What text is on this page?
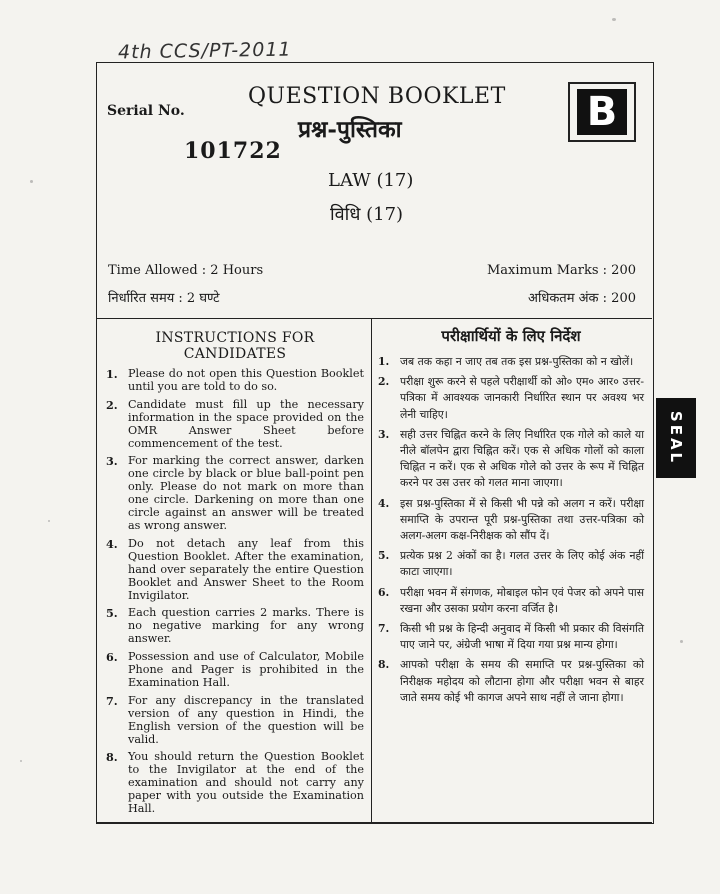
4th CCS/PT-2011
Serial No.
101722
QUESTION BOOKLET
प्रश्न-पुस्तिका	B
LAW (17)
विधि (17)
Time Allowed : 2 Hours
निर्धारित समय : 2 घण्टे
Maximum Marks : 200
अधिकतम अंक : 200
INSTRUCTIONS FOR CANDIDATES
1. Please do not open this Question Booklet until you are told to do so.
2. Candidate must fill up the necessary information in the space provided on the OMR Answer Sheet before commencement of the test.
3. For marking the correct answer, darken one circle by black or blue ball-point pen only. Please do not mark on more than one circle. Darkening on more than one circle against an answer will be treated as wrong answer.
4. Do not detach any leaf from this Question Booklet. After the examination, hand over separately the entire Question Booklet and Answer Sheet to the Room Invigilator.
5. Each question carries 2 marks. There is no negative marking for any wrong answer.
6. Possession and use of Calculator, Mobile Phone and Pager is prohibited in the Examination Hall.
7. For any discrepancy in the translated version of any question in Hindi, the English version of the question will be valid.
8. You should return the Question Booklet to the Invigilator at the end of the examination and should not carry any paper with you outside the Examination Hall.
परीक्षार्थियों के लिए निर्देश
1. जब तक कहा न जाए तब तक इस प्रश्न-पुस्तिका को न खोलें।
2. परीक्षा शुरू करने से पहले परीक्षार्थी को ओ० एम० आर० उत्तर-पत्रिका में आवश्यक जानकारी निर्धारित स्थान पर अवश्य भर लेनी चाहिए।
3. सही उत्तर चिह्नित करने के लिए निर्धारित एक गोले को काले या नीले बॉलपेन द्वारा चिह्नित करें। एक से अधिक गोलों को काला चिह्नित न करें। एक से अधिक गोले को उत्तर के रूप में चिह्नित करने पर उस उत्तर को गलत माना जाएगा।
4. इस प्रश्न-पुस्तिका में से किसी भी पन्ने को अलग न करें। परीक्षा समाप्ति के उपरान्त पूरी प्रश्न-पुस्तिका तथा उत्तर-पत्रिका को अलग-अलग कक्ष-निरीक्षक को सौंप दें।
5. प्रत्येक प्रश्न 2 अंकों का है। गलत उत्तर के लिए कोई अंक नहीं काटा जाएगा।
6. परीक्षा भवन में संगणक, मोबाइल फोन एवं पेजर को अपने पास रखना और उसका प्रयोग करना वर्जित है।
7. किसी भी प्रश्न के हिन्दी अनुवाद में किसी भी प्रकार की विसंगति पाए जाने पर, अंग्रेजी भाषा में दिया गया प्रश्न मान्य होगा।
8. आपको परीक्षा के समय की समाप्ति पर प्रश्न-पुस्तिका को निरीक्षक महोदय को लौटाना होगा और परीक्षा भवन से बाहर जाते समय कोई भी कागज अपने साथ नहीं ले जाना होगा।
SEAL
